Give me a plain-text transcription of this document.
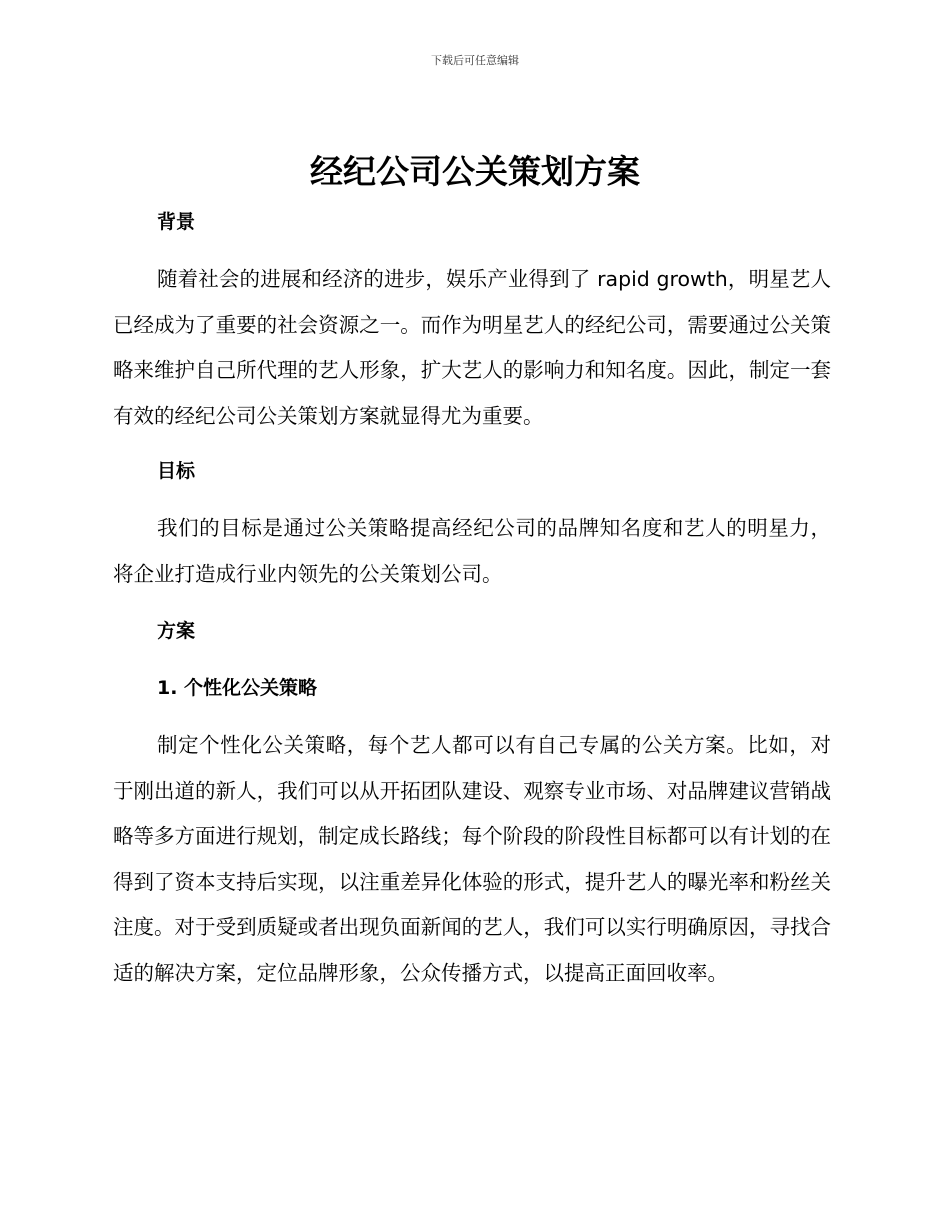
下载后可任意编辑
经纪公司公关策划方案
背景

随着社会的进展和经济的进步，娱乐产业得到了 rapid growth，明星艺人已经成为了重要的社会资源之一。而作为明星艺人的经纪公司，需要通过公关策略来维护自己所代理的艺人形象，扩大艺人的影响力和知名度。因此，制定一套有效的经纪公司公关策划方案就显得尤为重要。

目标

我们的目标是通过公关策略提高经纪公司的品牌知名度和艺人的明星力，将企业打造成行业内领先的公关策划公司。

方案
1. 个性化公关策略

制定个性化公关策略，每个艺人都可以有自己专属的公关方案。比如，对于刚出道的新人，我们可以从开拓团队建设、观察专业市场、对品牌建议营销战略等多方面进行规划，制定成长路线；每个阶段的阶段性目标都可以有计划的在得到了资本支持后实现，以注重差异化体验的形式，提升艺人的曝光率和粉丝关注度。对于受到质疑或者出现负面新闻的艺人，我们可以实行明确原因，寻找合适的解决方案，定位品牌形象，公众传播方式，以提高正面回收率。
